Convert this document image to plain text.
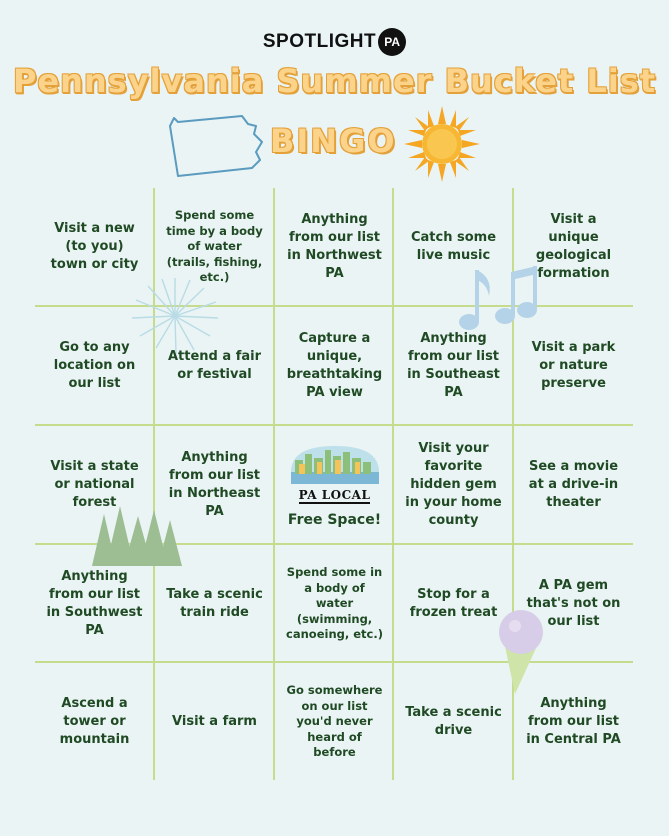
SPOTLIGHT PA
Pennsylvania Summer Bucket List
BINGO
Visit a new (to you) town or city
Spend some time by a body of water (trails, fishing, etc.)
Anything from our list in Northwest PA
Catch some live music
Visit a unique geological formation
Go to any location on our list
Attend a fair or festival
Capture a unique, breathtaking PA view
Anything from our list in Southeast PA
Visit a park or nature preserve
Visit a state or national forest
Anything from our list in Northeast PA
PA LOCAL
Free Space!
Visit your favorite hidden gem in your home county
See a movie at a drive-in theater
Anything from our list in Southwest PA
Take a scenic train ride
Spend some in a body of water (swimming, canoeing, etc.)
Stop for a frozen treat
A PA gem that's not on our list
Ascend a tower or mountain
Visit a farm
Go somewhere on our list you'd never heard of before
Take a scenic drive
Anything from our list in Central PA
